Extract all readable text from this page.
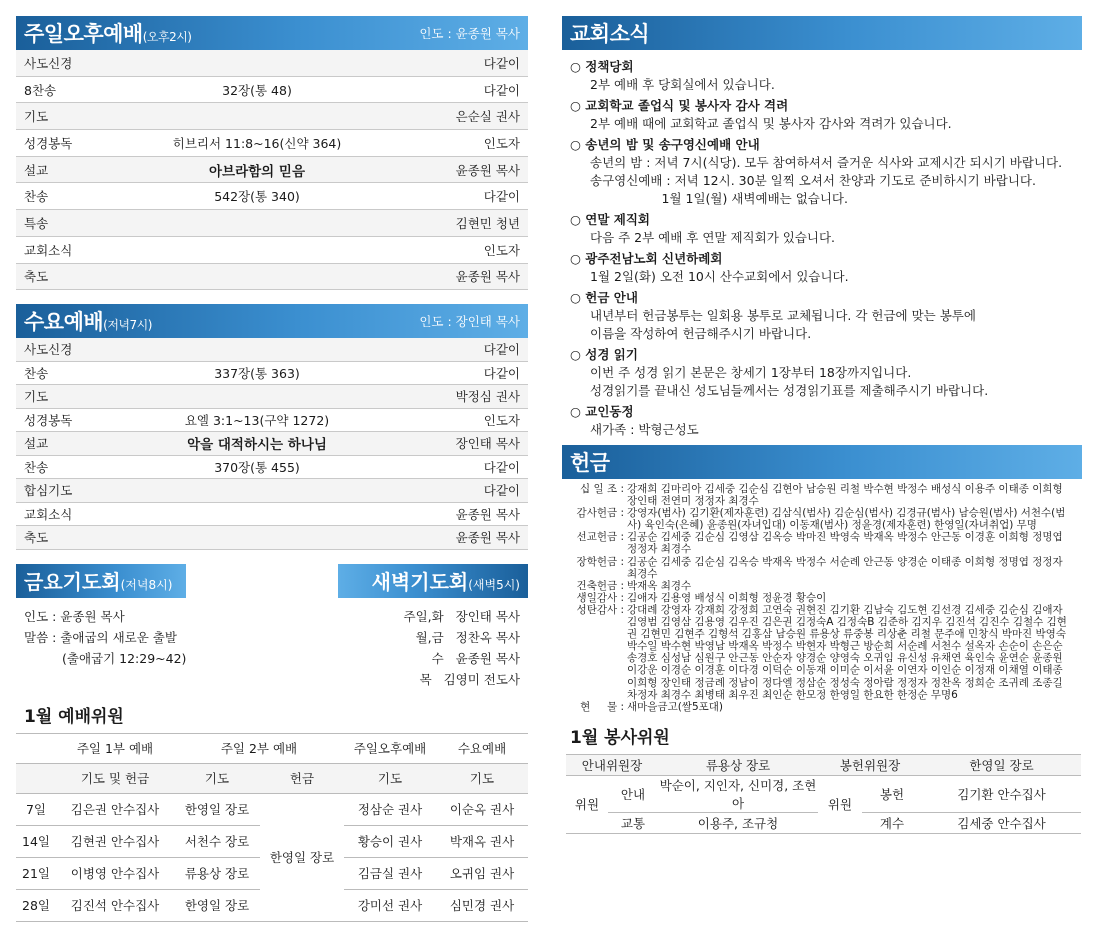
주일오후예배(오후2시)	인도 : 윤종원 목사
사도신경	다같이
8찬송	32장(통 48)	다같이
기도	은순실 권사
성경봉독	히브리서 11:8~16(신약 364)	인도자
설교	아브라함의 믿음	윤종원 목사
찬송	542장(통 340)	다같이
특송	김현민 청년
교회소식	인도자
축도	윤종원 목사
수요예배(저녁7시)	인도 : 장인태 목사
사도신경	다같이
찬송	337장(통 363)	다같이
기도	박정심 권사
성경봉독	요엘 3:1~13(구약 1272)	인도자
설교	악을 대적하시는 하나님	장인태 목사
찬송	370장(통 455)	다같이
합심기도	다같이
교회소식	윤종원 목사
축도	윤종원 목사
금요기도회(저녁8시)	새벽기도회(새벽5시)
인도 : 윤종원 목사
말씀 : 출애굽의 새로운 출발
(출애굽기 12:29~42)
주일,화   장인태 목사
월,금   정찬옥 목사
수   윤종원 목사
목   김영미 전도사
1월 예배위원
	주일 1부 예배	주일 2부 예배		주일오후예배	수요예배
	기도 및 헌금	기도	헌금	기도	기도
7일	김은권 안수집사	한영일 장로	한영일 장로	정삼순 권사	이순옥 권사
14일	김현권 안수집사	서천수 장로		황승이 권사	박재옥 권사
21일	이병영 안수집사	류용상 장로		김금실 권사	오귀임 권사
28일	김진석 안수집사	한영일 장로		강미선 권사	심민경 권사
교회소식
○ 정책당회
2부 예배 후 당회실에서 있습니다.
○ 교회학교 졸업식 및 봉사자 감사 격려
2부 예배 때에 교회학교 졸업식 및 봉사자 감사와 격려가 있습니다.
○ 송년의 밤 및 송구영신예배 안내
송년의 밤 : 저녁 7시(식당). 모두 참여하셔서 즐거운 식사와 교제시간 되시기 바랍니다.
송구영신예배 : 저녁 12시. 30분 일찍 오셔서 찬양과 기도로 준비하시기 바랍니다.
1월 1일(월) 새벽예배는 없습니다.
○ 연말 제직회
다음 주 2부 예배 후 연말 제직회가 있습니다.
○ 광주전남노회 신년하례회
1월 2일(화) 오전 10시 산수교회에서 있습니다.
○ 헌금 안내
내년부터 헌금봉투는 일회용 봉투로 교체됩니다. 각 헌금에 맞는 봉투에
이름을 작성하여 헌금해주시기 바랍니다.
○ 성경 읽기
이번 주 성경 읽기 본문은 창세기 1장부터 18장까지입니다.
성경읽기를 끝내신 성도님들께서는 성경읽기표를 제출해주시기 바랍니다.
○ 교인동정
새가족 : 박형근성도
헌금
십 일 조 : 강재희 김마리아 김세중 김순심 김현아 남승원 리철 박수현 박정수 배성식 이용주 이태종 이희형 장인태 전연미 정정자 최경수
감사헌금 : 강영자(범사) 김기환(제자훈련) 김삼식(범사) 김순심(범사) 김경규(범사) 남승원(범사) 서천수(범사) 육인숙(은혜) 윤종원(자녀입대) 이동재(범사) 정윤경(제자훈련) 한영일(자녀취업) 무명
선교헌금 : 김공순 김세중 김순심 김영삼 김옥승 박마진 박영숙 박재옥 박정수 안근동 이경훈 이희형 정명엽 정정자 최경수
장학헌금 : 김공순 김세중 김순심 김옥승 박재옥 박정수 서순례 안근동 양경순 이태종 이희형 정명엽 정정자 최경수
건축헌금 : 박재옥 최경수
생일감사 : 김애자 김용영 배성식 이희형 정윤경 황승이
성탄감사 : 강대례 강영자 강재희 강정희 고연숙 권현진 김기환 김남숙 김도현 김선경 김세중 김순심 김애자 김영범 김영삼 김용영 김우진 김은권 김정숙A 김정숙B 김준하 김지우 김진석 김진수 김철수 김현권 김현민 김현주 김형석 김홍삼 남승원 류용상 류중봉 리상춘 리철 문주애 민창식 박마진 박영숙 박수일 박수현 박영남 박재옥 박정수 박현자 박형근 방순희 서순례 서천수 설옥자 손순이 손은순 송경호 심성남 심원구 안근동 안순자 양경순 양영숙 오귀임 유신성 유채연 육인숙 윤연순 윤종원 이강운 이경순 이경훈 이다경 이덕순 이동재 이미순 이서윤 이연자 이인순 이정재 이채열 이태종 이희형 장인태 정금례 정남이 정다엘 정삼순 정성숙 정아람 정정자 정찬옥 정희순 조귀례 조종길 차정자 최경수 최병태 최우진 최인순 한모정 한영일 한요한 한정순 무명6
현     물 : 새마을금고(쌀5포대)
1월 봉사위원
안내위원장		류용상 장로	봉헌위원장		한영일 장로
위원	안내	박순이, 지인자, 신미경, 조현아	위원	봉헌	김기환 안수집사
	교통	이용주, 조규청		계수	김세중 안수집사
